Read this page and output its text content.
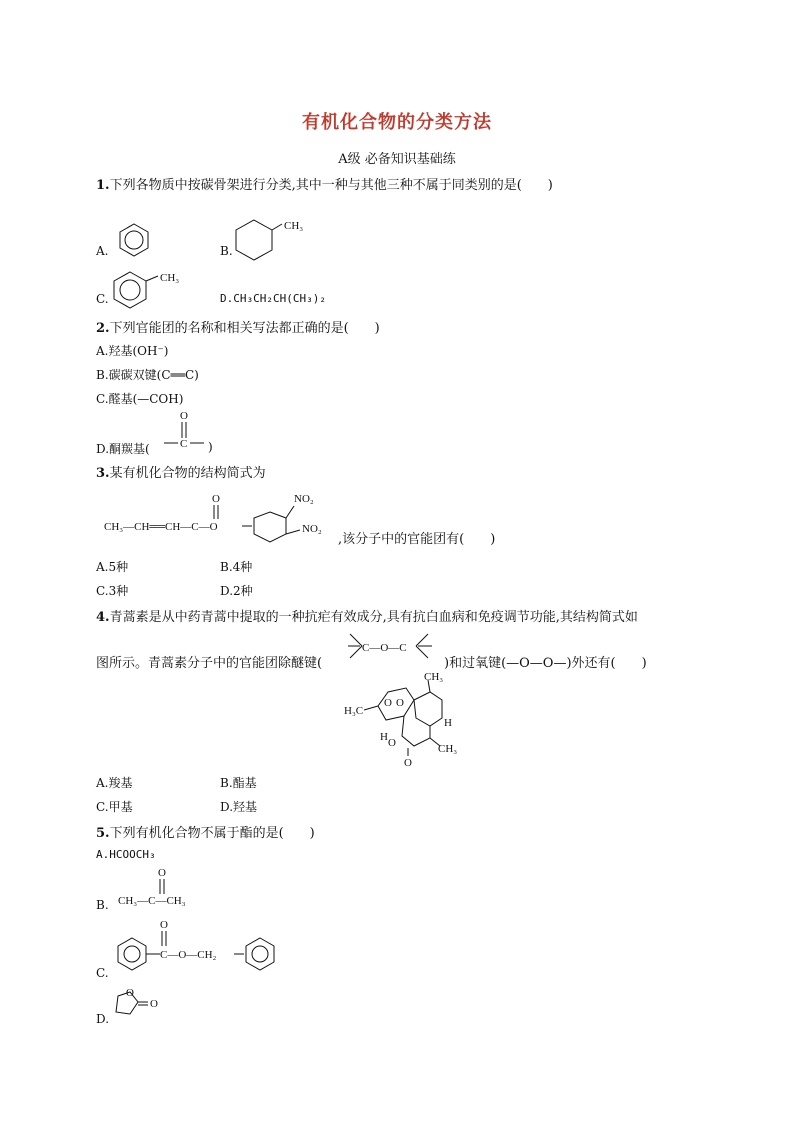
有机化合物的分类方法
A级 必备知识基础练
1.下列各物质中按碳骨架进行分类,其中一种与其他三种不属于同类别的是(　　)
A.	B.
CH₃
C.
CH₃
D.CH₃CH₂CH(CH₃)₂
2.下列官能团的名称和相关写法都正确的是(　　)
A.羟基(OH⁻)
B.碳碳双键(C══C)
C.醛基(—COH)
D.酮羰基(
O
C )
3.某有机化合物的结构简式为
CH₃—CH══CH—C—O
O	NO₂
NO₂
,该分子中的官能团有(　　)
A.5种	B.4种
C.3种	D.2种
4.青蒿素是从中药青蒿中提取的一种抗疟有效成分,具有抗白血病和免疫调节功能,其结构简式如
图所示。青蒿素分子中的官能团除醚键(
C—O—C
)和过氧键(—O—O—)外还有(　　)
H₃C
O O
CH₃
H
H O	CH₃
O
A.羧基	B.酯基
C.甲基	D.羟基
5.下列有机化合物不属于酯的是(　　)
A.HCOOCH₃
B.
O
CH₃—C—CH₃
C.
O
C—O—CH₂
D.
O
O
